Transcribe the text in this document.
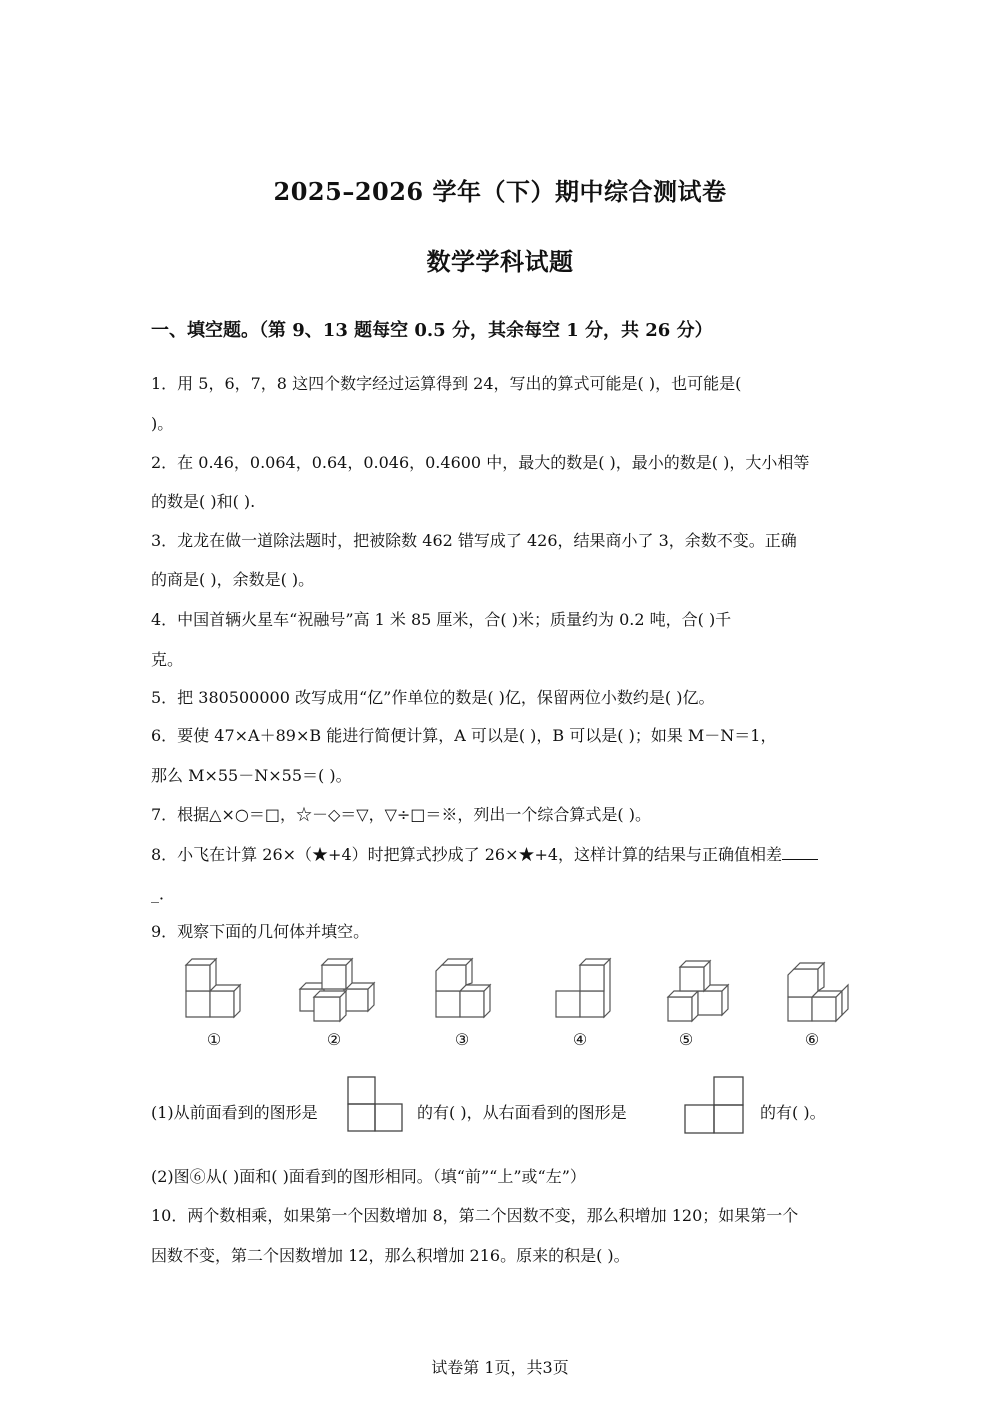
2025–2026 学年（下）期中综合测试卷
数学学科试题
一、填空题。（第 9、13 题每空 0.5 分，其余每空 1 分，共 26 分）
1．用 5，6，7，8 这四个数字经过运算得到 24，写出的算式可能是( )，也可能是(
)。
2．在 0.46，0.064，0.64，0.046，0.4600 中，最大的数是( )，最小的数是( )，大小相等
的数是( )和( ).
3．龙龙在做一道除法题时，把被除数 462 错写成了 426，结果商小了 3，余数不变。正确
的商是( )，余数是( )。
4．中国首辆火星车“祝融号”高 1 米 85 厘米，合( )米；质量约为 0.2 吨，合( )千
克。
5．把 380500000 改写成用“亿”作单位的数是( )亿，保留两位小数约是( )亿。
6．要使 47×A＋89×B 能进行简便计算，A 可以是( )，B 可以是( )；如果 M－N＝1，
那么 M×55－N×55＝( )。
7．根据△×○＝□，☆－◇＝▽，▽÷□＝※，列出一个综合算式是( )。
8．小飞在计算 26×（★+4）时把算式抄成了 26×★+4，这样计算的结果与正确值相差
_．
9．观察下面的几何体并填空。
①	②	③	④	⑤	⑥
(1)从前面看到的图形是	的有( )，从右面看到的图形是	的有( )。
(2)图⑥从( )面和( )面看到的图形相同。（填“前”“上”或“左”）
10．两个数相乘，如果第一个因数增加 8，第二个因数不变，那么积增加 120；如果第一个
因数不变，第二个因数增加 12，那么积增加 216。原来的积是( )。
试卷第 1页，共3页
